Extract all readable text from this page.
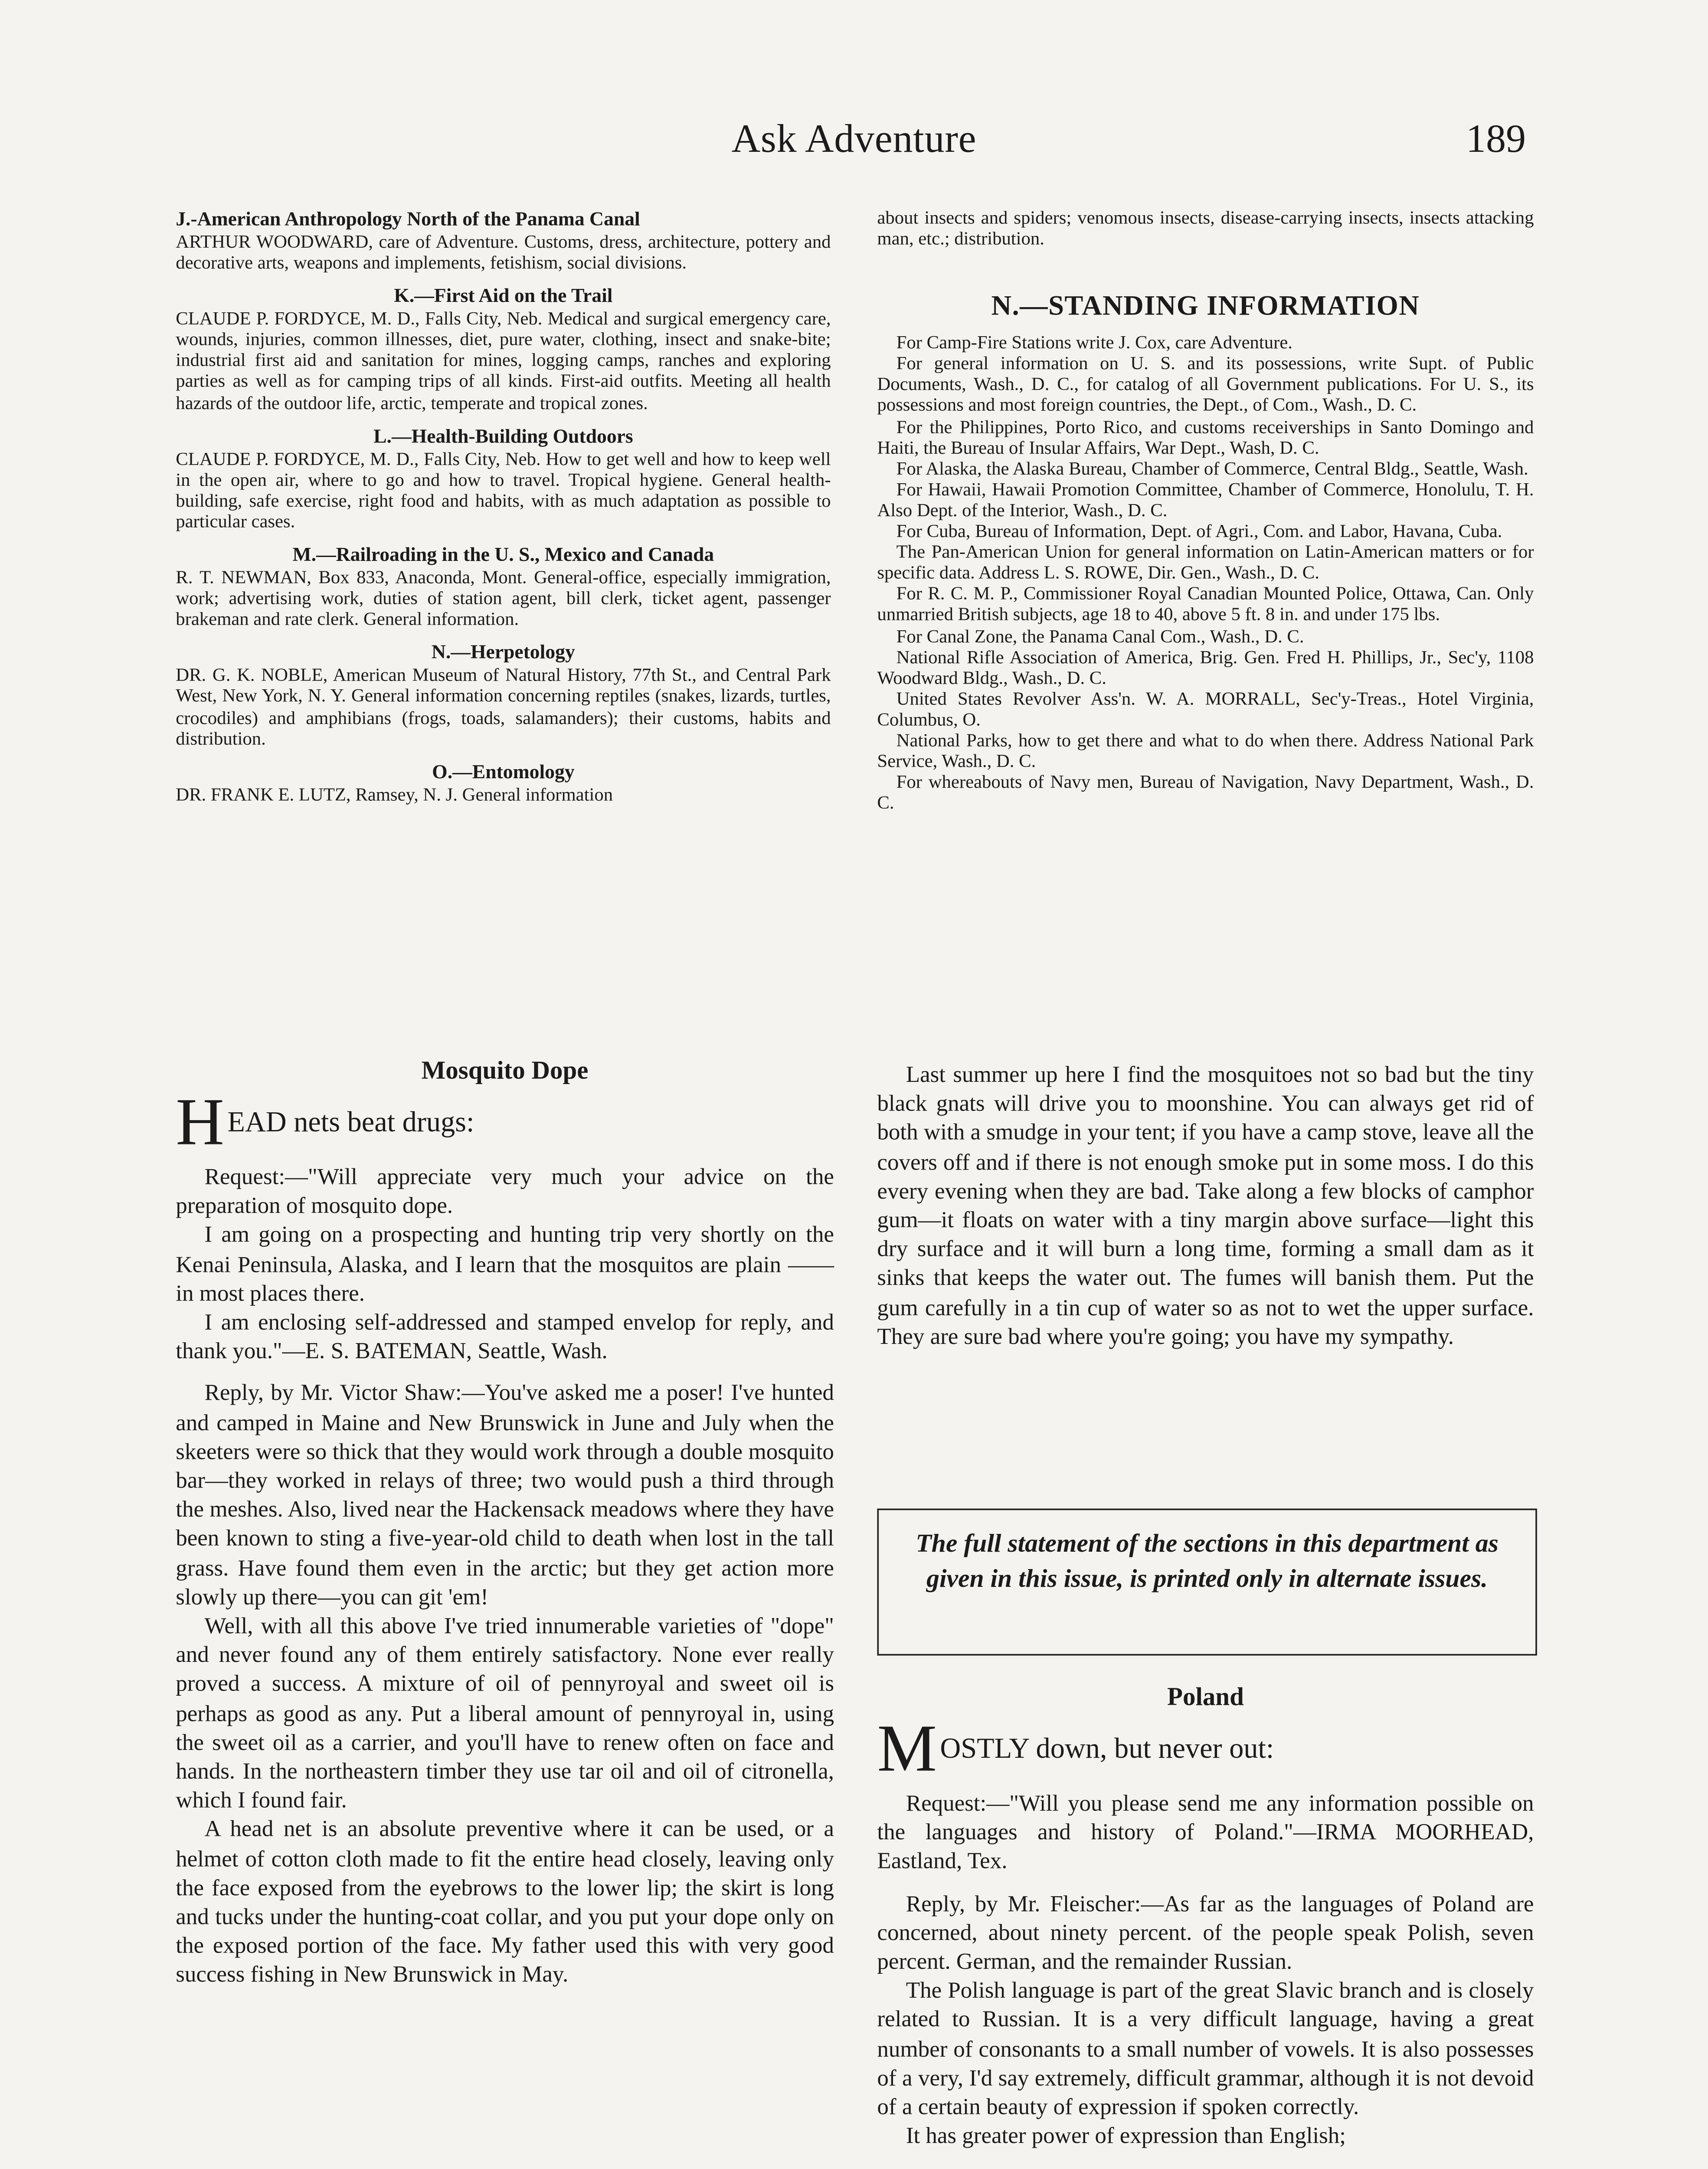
Ask Adventure	189

J.-American Anthropology North of the Panama Canal

ARTHUR WOODWARD, care of Adventure. Customs, dress, architecture, pottery and decorative arts, weapons and implements, fetishism, social divisions.

K.—First Aid on the Trail

CLAUDE P. FORDYCE, M. D., Falls City, Neb. Medical and surgical emergency care, wounds, injuries, common illnesses, diet, pure water, clothing, insect and snake-bite; industrial first aid and sanitation for mines, logging camps, ranches and exploring parties as well as for camping trips of all kinds. First-aid outfits. Meeting all health hazards of the outdoor life, arctic, temperate and tropical zones.

L.—Health-Building Outdoors

CLAUDE P. FORDYCE, M. D., Falls City, Neb. How to get well and how to keep well in the open air, where to go and how to travel. Tropical hygiene. General health-building, safe exercise, right food and habits, with as much adaptation as possible to particular cases.

M.—Railroading in the U. S., Mexico and Canada

R. T. NEWMAN, Box 833, Anaconda, Mont. General-office, especially immigration, work; advertising work, duties of station agent, bill clerk, ticket agent, passenger brakeman and rate clerk. General information.

N.—Herpetology

DR. G. K. NOBLE, American Museum of Natural History, 77th St., and Central Park West, New York, N. Y. General information concerning reptiles (snakes, lizards, turtles, crocodiles) and amphibians (frogs, toads, salamanders); their customs, habits and distribution.

O.—Entomology

DR. FRANK E. LUTZ, Ramsey, N. J. General information

about insects and spiders; venomous insects, disease-carrying insects, insects attacking man, etc.; distribution.

N.—STANDING INFORMATION

For Camp-Fire Stations write J. Cox, care Adventure.

For general information on U. S. and its possessions, write Supt. of Public Documents, Wash., D. C., for catalog of all Government publications. For U. S., its possessions and most foreign countries, the Dept., of Com., Wash., D. C.

For the Philippines, Porto Rico, and customs receiverships in Santo Domingo and Haiti, the Bureau of Insular Affairs, War Dept., Wash, D. C.

For Alaska, the Alaska Bureau, Chamber of Commerce, Central Bldg., Seattle, Wash.

For Hawaii, Hawaii Promotion Committee, Chamber of Commerce, Honolulu, T. H. Also Dept. of the Interior, Wash., D. C.

For Cuba, Bureau of Information, Dept. of Agri., Com. and Labor, Havana, Cuba.

The Pan-American Union for general information on Latin-American matters or for specific data. Address L. S. ROWE, Dir. Gen., Wash., D. C.

For R. C. M. P., Commissioner Royal Canadian Mounted Police, Ottawa, Can. Only unmarried British subjects, age 18 to 40, above 5 ft. 8 in. and under 175 lbs.

For Canal Zone, the Panama Canal Com., Wash., D. C.

National Rifle Association of America, Brig. Gen. Fred H. Phillips, Jr., Sec'y, 1108 Woodward Bldg., Wash., D. C.

United States Revolver Ass'n. W. A. MORRALL, Sec'y-Treas., Hotel Virginia, Columbus, O.

National Parks, how to get there and what to do when there. Address National Park Service, Wash., D. C.

For whereabouts of Navy men, Bureau of Navigation, Navy Department, Wash., D. C.

Mosquito Dope

HEAD nets beat drugs:

Request:—"Will appreciate very much your advice on the preparation of mosquito dope.

I am going on a prospecting and hunting trip very shortly on the Kenai Peninsula, Alaska, and I learn that the mosquitos are plain —— in most places there.

I am enclosing self-addressed and stamped envelop for reply, and thank you."—E. S. BATEMAN, Seattle, Wash.

Reply, by Mr. Victor Shaw:—You've asked me a poser! I've hunted and camped in Maine and New Brunswick in June and July when the skeeters were so thick that they would work through a double mosquito bar—they worked in relays of three; two would push a third through the meshes. Also, lived near the Hackensack meadows where they have been known to sting a five-year-old child to death when lost in the tall grass. Have found them even in the arctic; but they get action more slowly up there—you can git 'em!

Well, with all this above I've tried innumerable varieties of "dope" and never found any of them entirely satisfactory. None ever really proved a success. A mixture of oil of pennyroyal and sweet oil is perhaps as good as any. Put a liberal amount of pennyroyal in, using the sweet oil as a carrier, and you'll have to renew often on face and hands. In the northeastern timber they use tar oil and oil of citronella, which I found fair.

A head net is an absolute preventive where it can be used, or a helmet of cotton cloth made to fit the entire head closely, leaving only the face exposed from the eyebrows to the lower lip; the skirt is long and tucks under the hunting-coat collar, and you put your dope only on the exposed portion of the face. My father used this with very good success fishing in New Brunswick in May.

Last summer up here I find the mosquitoes not so bad but the tiny black gnats will drive you to moonshine. You can always get rid of both with a smudge in your tent; if you have a camp stove, leave all the covers off and if there is not enough smoke put in some moss. I do this every evening when they are bad. Take along a few blocks of camphor gum—it floats on water with a tiny margin above surface—light this dry surface and it will burn a long time, forming a small dam as it sinks that keeps the water out. The fumes will banish them. Put the gum carefully in a tin cup of water so as not to wet the upper surface. They are sure bad where you're going; you have my sympathy.

The full statement of the sections in this department as given in this issue, is printed only in alternate issues.

Poland

MOSTLY down, but never out:

Request:—"Will you please send me any information possible on the languages and history of Poland."—IRMA MOORHEAD, Eastland, Tex.

Reply, by Mr. Fleischer:—As far as the languages of Poland are concerned, about ninety percent. of the people speak Polish, seven percent. German, and the remainder Russian.

The Polish language is part of the great Slavic branch and is closely related to Russian. It is a very difficult language, having a great number of consonants to a small number of vowels. It is also possesses of a very, I'd say extremely, difficult grammar, although it is not devoid of a certain beauty of expression if spoken correctly.

It has greater power of expression than English;
